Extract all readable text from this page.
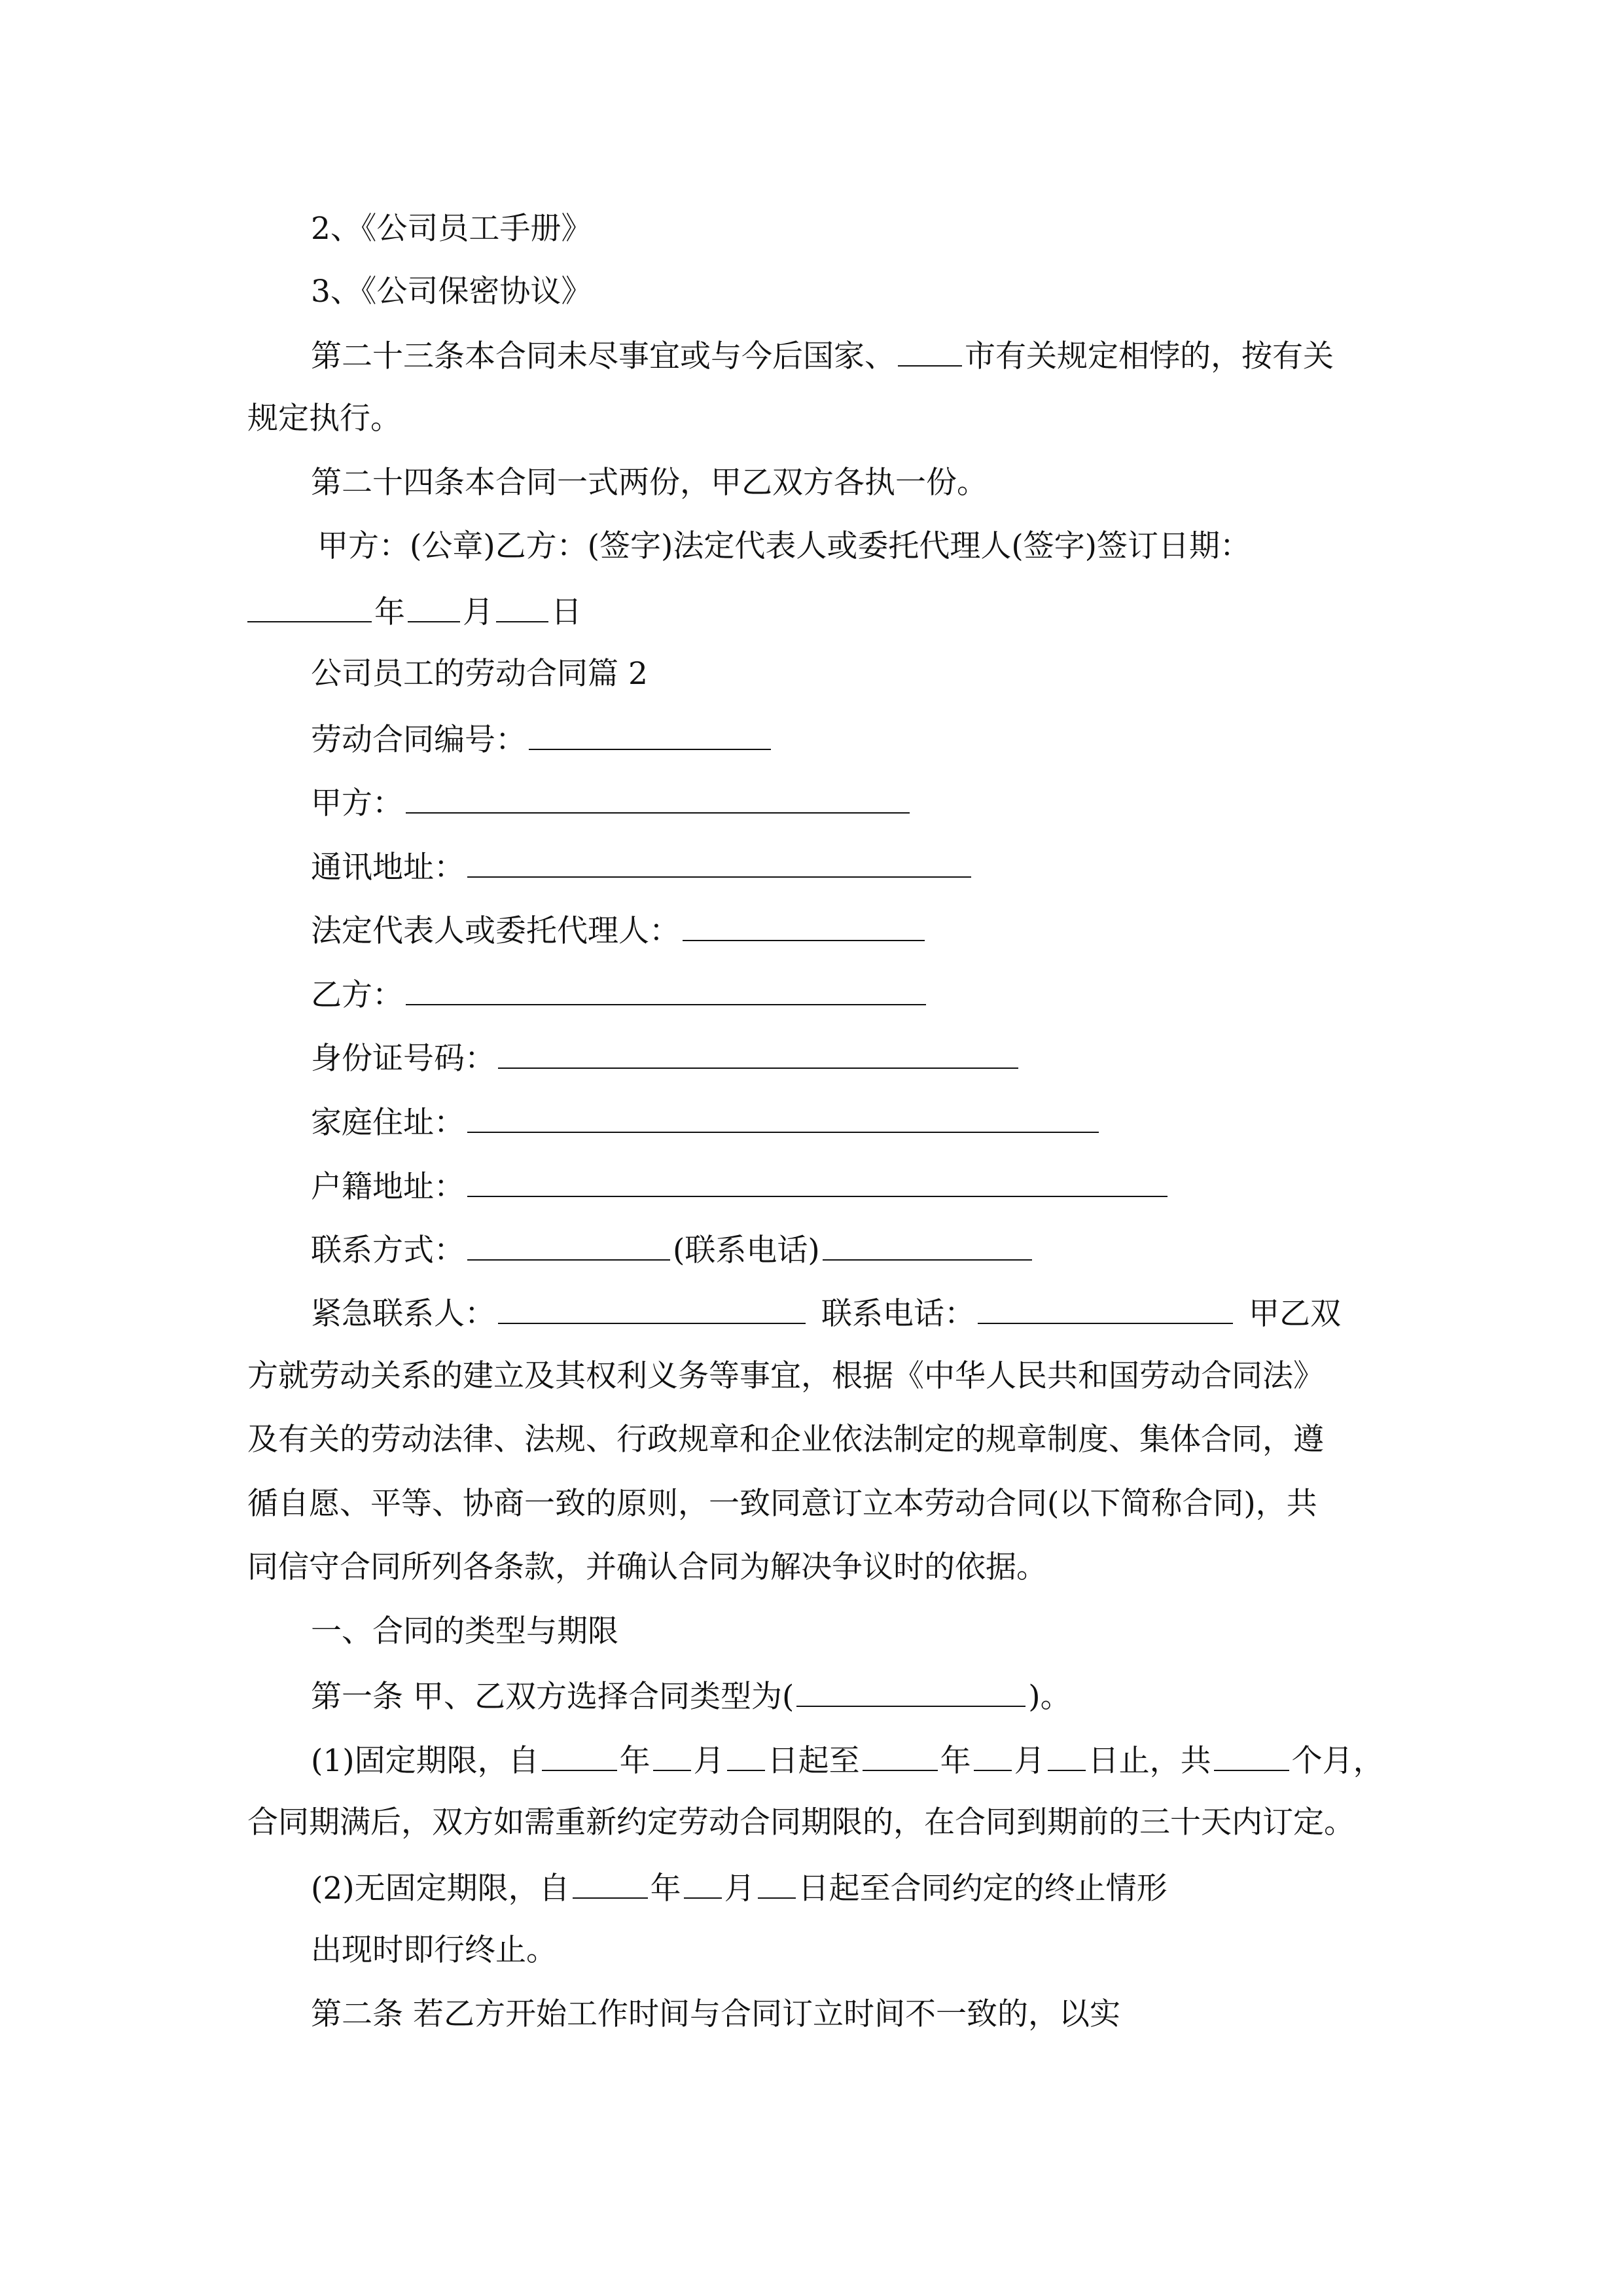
2、《公司员工手册》
3、《公司保密协议》
第二十三条本合同未尽事宜或与今后国家、 市有关规定相悖的，按有关
规定执行。
第二十四条本合同一式两份，甲乙双方各执一份。
甲方：(公章)乙方：(签字)法定代表人或委托代理人(签字)签订日期：
年 月 日
公司员工的劳动合同篇 2
劳动合同编号：
甲方：
通讯地址：
法定代表人或委托代理人：
乙方：
身份证号码：
家庭住址：
户籍地址：
联系方式：	(联系电话)
紧急联系人：	联系电话：	甲乙双
方就劳动关系的建立及其权利义务等事宜，根据《中华人民共和国劳动合同法》
及有关的劳动法律、法规、行政规章和企业依法制定的规章制度、集体合同，遵
循自愿、平等、协商一致的原则，一致同意订立本劳动合同(以下简称合同)，共
同信守合同所列各条款，并确认合同为解决争议时的依据。
一、合同的类型与期限
第一条 甲、乙双方选择合同类型为(	)。
(1)固定期限，自	年 月 日起至	年 月 日止，共	个月，
合同期满后，双方如需重新约定劳动合同期限的，在合同到期前的三十天内订定。
(2)无固定期限，自	年 月 日起至合同约定的终止情形
出现时即行终止。
第二条 若乙方开始工作时间与合同订立时间不一致的，以实
